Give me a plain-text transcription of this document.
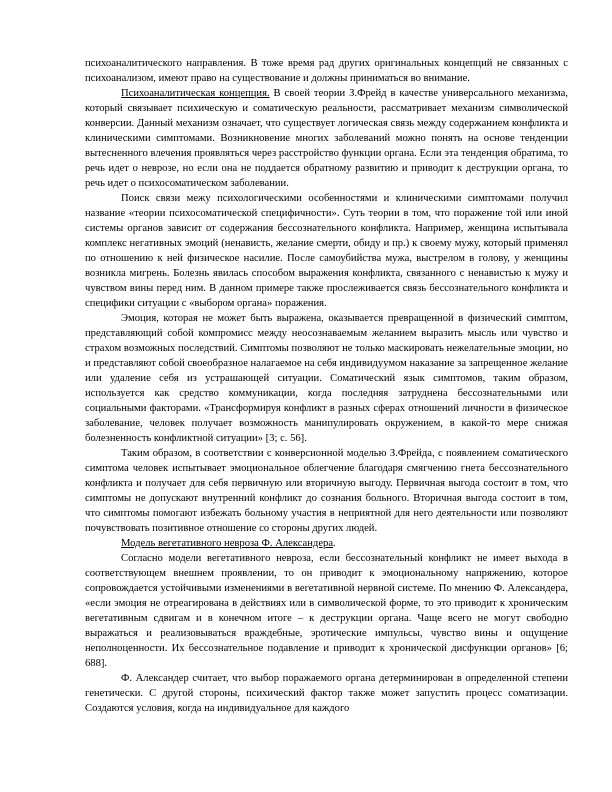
психоаналитического направления. В тоже время рад других оригинальных концепций не связанных с психоанализом, имеют право на существование и должны приниматься во внимание.

Психоаналитическая концепция. В своей теории З.Фрейд в качестве универсального механизма, который связывает психическую и соматическую реальности, рассматривает механизм символической конверсии. Данный механизм означает, что существует логическая связь между содержанием конфликта и клиническими симптомами. Возникновение многих заболеваний можно понять на основе тенденции вытесненного влечения проявляться через расстройство функции органа. Если эта тенденция обратима, то речь идет о неврозе, но если она не поддается обратному развитию и приводит к деструкции органа, то речь идет о психосоматическом заболевании.

Поиск связи межу психологическими особенностями и клиническими симптомами получил название «теории психосоматической специфичности». Суть теории в том, что поражение той или иной системы органов зависит от содержания бессознательного конфликта. Например, женщина испытывала комплекс негативных эмоций (ненависть, желание смерти, обиду и пр.) к своему мужу, который применял по отношению к ней физическое насилие. После самоубийства мужа, выстрелом в голову, у женщины возникла мигрень. Болезнь явилась способом выражения конфликта, связанного с ненавистью к мужу и чувством вины перед ним. В данном примере также прослеживается связь бессознательного конфликта и специфики ситуации с «выбором органа» поражения.

Эмоция, которая не может быть выражена, оказывается превращенной в физический симптом, представляющий собой компромисс между неосознаваемым желанием выразить мысль или чувство и страхом возможных последствий. Симптомы позволяют не только маскировать нежелательные эмоции, но и представляют собой своеобразное налагаемое на себя индивидуумом наказание за запрещенное желание или удаление себя из устрашающей ситуации. Соматический язык симптомов, таким образом, используется как средство коммуникации, когда последняя затруднена бессознательными или социальными факторами. «Трансформируя конфликт в разных сферах отношений личности в физическое заболевание, человек получает возможность манипулировать окружением, в какой-то мере снижая болезненность конфликтной ситуации» [3; с. 56].

Таким образом, в соответствии с конверсионной моделью З.Фрейда, с появлением соматического симптома человек испытывает эмоциональное облегчение благодаря смягчению гнета бессознательного конфликта и получает для себя первичную или вторичную выгоду. Первичная выгода состоит в том, что симптомы не допускают внутренний конфликт до сознания больного. Вторичная выгода состоит в том, что симптомы помогают избежать больному участия в неприятной для него деятельности или позволяют почувствовать позитивное отношение со стороны других людей.

Модель вегетативного невроза Ф. Александера.

Согласно модели вегетативного невроза, если бессознательный конфликт не имеет выхода в соответствующем внешнем проявлении, то он приводит к эмоциональному напряжению, которое сопровождается устойчивыми изменениями в вегетативной нервной системе. По мнению Ф. Александера, «если эмоция не отреагирована в действиях или в символической форме, то это приводит к хроническим вегетативным сдвигам и в конечном итоге – к деструкции органа. Чаще всего не могут свободно выражаться и реализовываться враждебные, эротические импульсы, чувство вины и ощущение неполноценности. Их бессознательное подавление и приводит к хронической дисфункции органов» [6; 688].

Ф. Александер считает, что выбор поражаемого органа детерминирован в определенной степени генетически. С другой стороны, психический фактор также может запустить процесс соматизации. Создаются условия, когда на индивидуальное для каждого
